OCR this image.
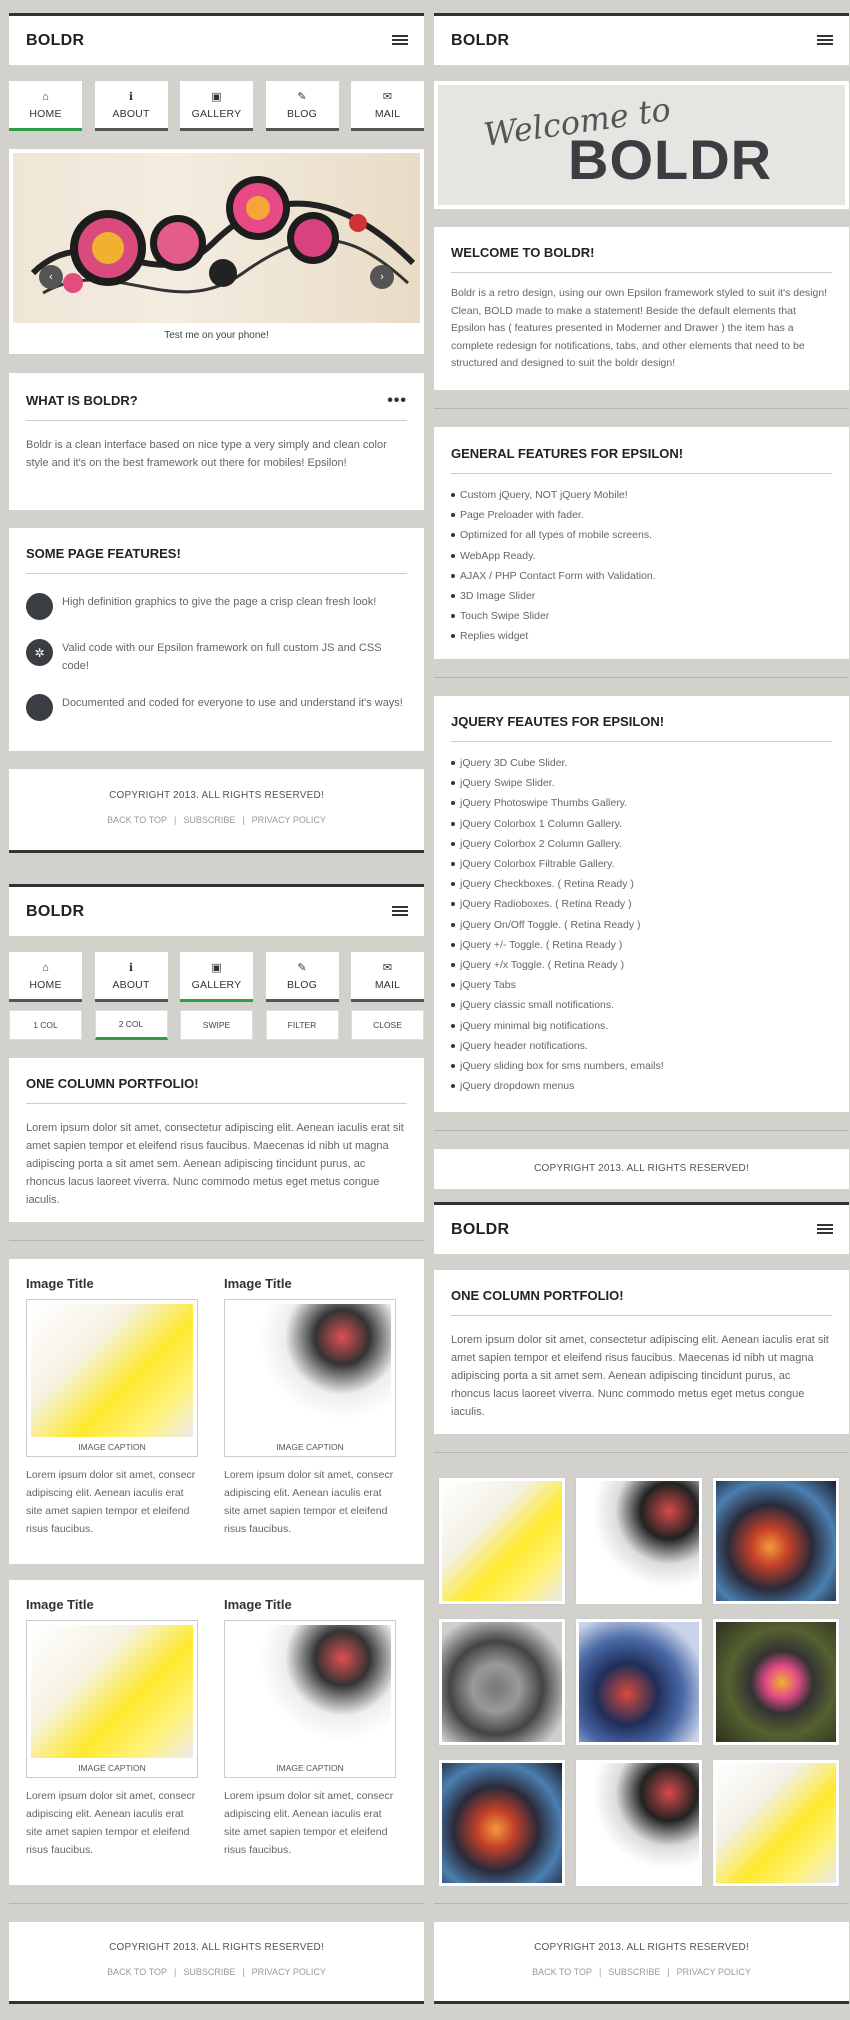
BOLDR
⌂
HOME
ℹ
ABOUT
▣
GALLERY
✎
BLOG
✉
MAIL
‹	›
Test me on your phone!
WHAT IS BOLDR?	•••
Boldr is a clean interface based on nice type a very simply and clean color style and it's on the best framework out there for mobiles! Epsilon!
SOME PAGE FEATURES!
High definition graphics to give the page a crisp clean fresh look!
✲	Valid code with our Epsilon framework on full custom JS and CSS code!
Documented and coded for everyone to use and understand it's ways!
COPYRIGHT 2013. ALL RIGHTS RESERVED!
BACK TO TOP | SUBSCRIBE | PRIVACY POLICY
BOLDR
⌂
HOME
ℹ
ABOUT
▣
GALLERY
✎
BLOG
✉
MAIL
1 COL	2 COL	SWIPE	FILTER	CLOSE
ONE COLUMN PORTFOLIO!
Lorem ipsum dolor sit amet, consectetur adipiscing elit. Aenean iaculis erat sit amet sapien tempor et eleifend risus faucibus. Maecenas id nibh ut magna adipiscing porta a sit amet sem. Aenean adipiscing tincidunt purus, ac rhoncus lacus laoreet viverra. Nunc commodo metus eget metus congue iaculis.
Image Title
IMAGE CAPTION
Lorem ipsum dolor sit amet, consecr adipiscing elit. Aenean iaculis erat site amet sapien tempor et eleifend risus faucibus.
Image Title
IMAGE CAPTION
Lorem ipsum dolor sit amet, consecr adipiscing elit. Aenean iaculis erat site amet sapien tempor et eleifend risus faucibus.
Image Title
IMAGE CAPTION
Lorem ipsum dolor sit amet, consecr adipiscing elit. Aenean iaculis erat site amet sapien tempor et eleifend risus faucibus.
Image Title
IMAGE CAPTION
Lorem ipsum dolor sit amet, consecr adipiscing elit. Aenean iaculis erat site amet sapien tempor et eleifend risus faucibus.
COPYRIGHT 2013. ALL RIGHTS RESERVED!
BACK TO TOP | SUBSCRIBE | PRIVACY POLICY
BOLDR
Welcome to
BOLDR
WELCOME TO BOLDR!
Boldr is a retro design, using our own Epsilon framework styled to suit it's design! Clean, BOLD made to make a statement! Beside the default elements that Epsilon has ( features presented in Moderner and Drawer ) the item has a complete redesign for notifications, tabs, and other elements that need to be structured and designed to suit the boldr design!
GENERAL FEATURES FOR EPSILON!
Custom jQuery, NOT jQuery Mobile!
Page Preloader with fader.
Optimized for all types of mobile screens.
WebApp Ready.
AJAX / PHP Contact Form with Validation.
3D Image Slider
Touch Swipe Slider
Replies widget
JQUERY FEAUTES FOR EPSILON!
jQuery 3D Cube Slider.
jQuery Swipe Slider.
jQuery Photoswipe Thumbs Gallery.
jQuery Colorbox 1 Column Gallery.
jQuery Colorbox 2 Column Gallery.
jQuery Colorbox Filtrable Gallery.
jQuery Checkboxes. ( Retina Ready )
jQuery Radioboxes. ( Retina Ready )
jQuery On/Off Toggle. ( Retina Ready )
jQuery +/- Toggle. ( Retina Ready )
jQuery +/x Toggle. ( Retina Ready )
jQuery Tabs
jQuery classic small notifications.
jQuery minimal big notifications.
jQuery header notifications.
jQuery sliding box for sms numbers, emails!
jQuery dropdown menus
COPYRIGHT 2013. ALL RIGHTS RESERVED!
BOLDR
ONE COLUMN PORTFOLIO!
Lorem ipsum dolor sit amet, consectetur adipiscing elit. Aenean iaculis erat sit amet sapien tempor et eleifend risus faucibus. Maecenas id nibh ut magna adipiscing porta a sit amet sem. Aenean adipiscing tincidunt purus, ac rhoncus lacus laoreet viverra. Nunc commodo metus eget metus congue iaculis.
COPYRIGHT 2013. ALL RIGHTS RESERVED!
BACK TO TOP | SUBSCRIBE | PRIVACY POLICY
